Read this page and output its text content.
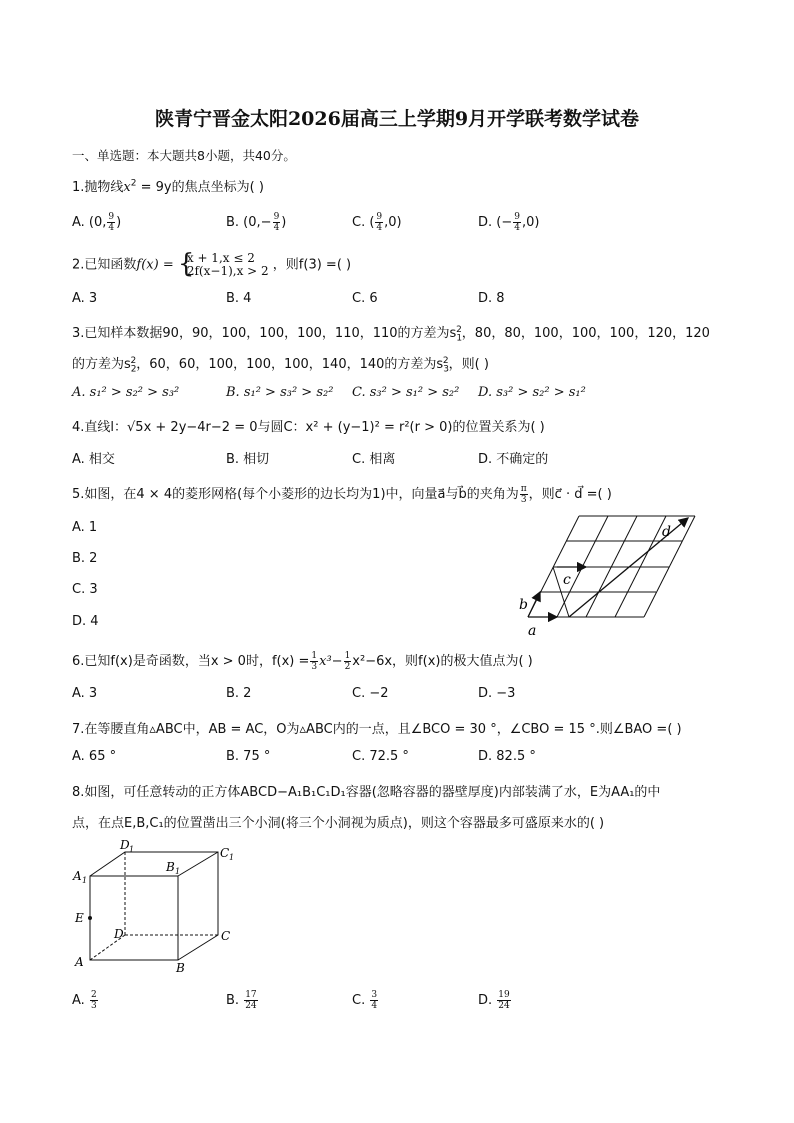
陕青宁晋金太阳2026届高三上学期9月开学联考数学试卷
一、单选题：本大题共8小题，共40分。
1.抛物线$x^2 = 9y$的焦点坐标为( )
A. (0, $\frac{9}{4}$ )	B. ($0,- \frac{9}{4}$ )	C. ( $\frac{9}{4} ,0$)	D. (− $\frac{9}{4} ,0$)
2.已知函数f(x) = {
x + 1,x ≤ 2
2f(x−1),x > 2 ，则f(3) =( )
A. 3	B. 4	C. 6	D. 8
3.已知样本数据90，90，100，100，100，110，110的方差为$s_1^2$，80，80，100，100，100，120，120
的方差为$s_2^2$，60，60，100，100，100，140，140的方差为$s_3^2$，则( )
A. s₁² > s₂² > s₃²	B. s₁² > s₃² > s₂² C. s₃² > s₁² > s₂² D. s₃² > s₂² > s₁²
4.直线l：√5x + 2y−4r−2 = 0与圆C：x² + (y−1)² = r²(r > 0)的位置关系为( )
A. 相交	B. 相切	C. 相离	D. 不确定的
5.如图，在4 × 4的菱形网格(每个小菱形的边长均为1)中，向量a⃗与b⃗的夹角为 $\frac{\pi}{3}$ ，则c⃗ · d⃗ =( )
A. 1
B. 2
C. 3
D. 4
a
b
c
d
6.已知f(x)是奇函数，当x > 0时，$f(x) = \frac{1}{3} x^3- \frac{1}{2} x^2-6x$，则f(x)的极大值点为( )
A. 3	B. 2	C. −2	D. −3
7.在等腰直角▵ABC中，AB = AC，O为▵ABC内的一点，且∠BCO = 30 °，∠CBO = 15 °.则∠BAO =( )
A. 65 °	B. 75 °	C. 72.5 °	D. 82.5 °
8.如图，可任意转动的正方体ABCD−A₁B₁C₁D₁容器(忽略容器的器壁厚度)内部装满了水，E为AA₁的中
点，在点E,B,C₁的位置凿出三个小洞(将三个小洞视为质点)，则这个容器最多可盛原来水的( )
A	B
C
D
A 1
B 1
C 1
D 1
E
A. $\frac{2}{3}$	B. $\frac{17}{24}$	C. $\frac{3}{4}$	D. $\frac{19}{24}$
